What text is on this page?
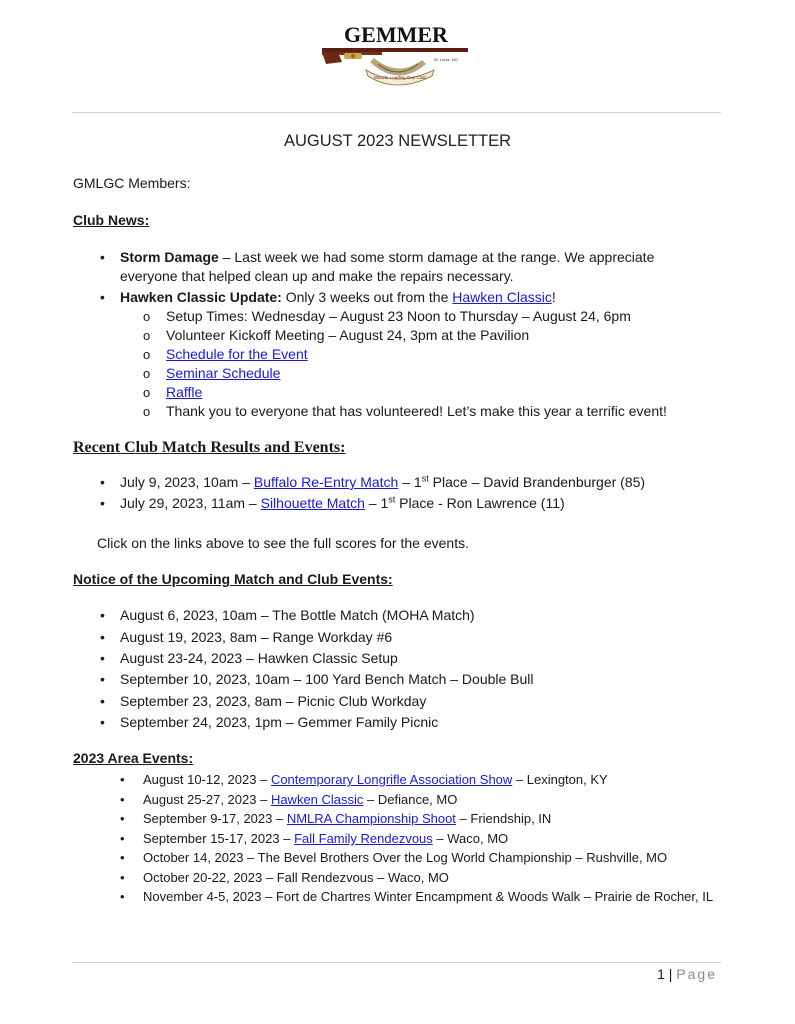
GEMMER
Muzzle Loading Gun Club
St. Louis, MO
AUGUST 2023 NEWSLETTER
GMLGC Members:
Club News:
• Storm Damage – Last week we had some storm damage at the range. We appreciate
everyone that helped clean up and make the repairs necessary.
• Hawken Classic Update: Only 3 weeks out from the Hawken Classic!
o Setup Times: Wednesday – August 23 Noon to Thursday – August 24, 6pm
o Volunteer Kickoff Meeting – August 24, 3pm at the Pavilion
o Schedule for the Event
o Seminar Schedule
o Raffle
o Thank you to everyone that has volunteered! Let’s make this year a terrific event!
Recent Club Match Results and Events:
• July 9, 2023, 10am – Buffalo Re-Entry Match – 1st Place – David Brandenburger (85)
• July 29, 2023, 11am – Silhouette Match – 1st Place - Ron Lawrence (11)
Click on the links above to see the full scores for the events.
Notice of the Upcoming Match and Club Events:
• August 6, 2023, 10am – The Bottle Match (MOHA Match)
• August 19, 2023, 8am – Range Workday #6
• August 23-24, 2023 – Hawken Classic Setup
• September 10, 2023, 10am – 100 Yard Bench Match – Double Bull
• September 23, 2023, 8am – Picnic Club Workday
• September 24, 2023, 1pm – Gemmer Family Picnic
2023 Area Events:
• August 10-12, 2023 – Contemporary Longrifle Association Show – Lexington, KY
• August 25-27, 2023 – Hawken Classic – Defiance, MO
• September 9-17, 2023 – NMLRA Championship Shoot – Friendship, IN
• September 15-17, 2023 – Fall Family Rendezvous – Waco, MO
• October 14, 2023 – The Bevel Brothers Over the Log World Championship – Rushville, MO
• October 20-22, 2023 – Fall Rendezvous – Waco, MO
• November 4-5, 2023 – Fort de Chartres Winter Encampment & Woods Walk – Prairie de Rocher, IL
1 | Page
